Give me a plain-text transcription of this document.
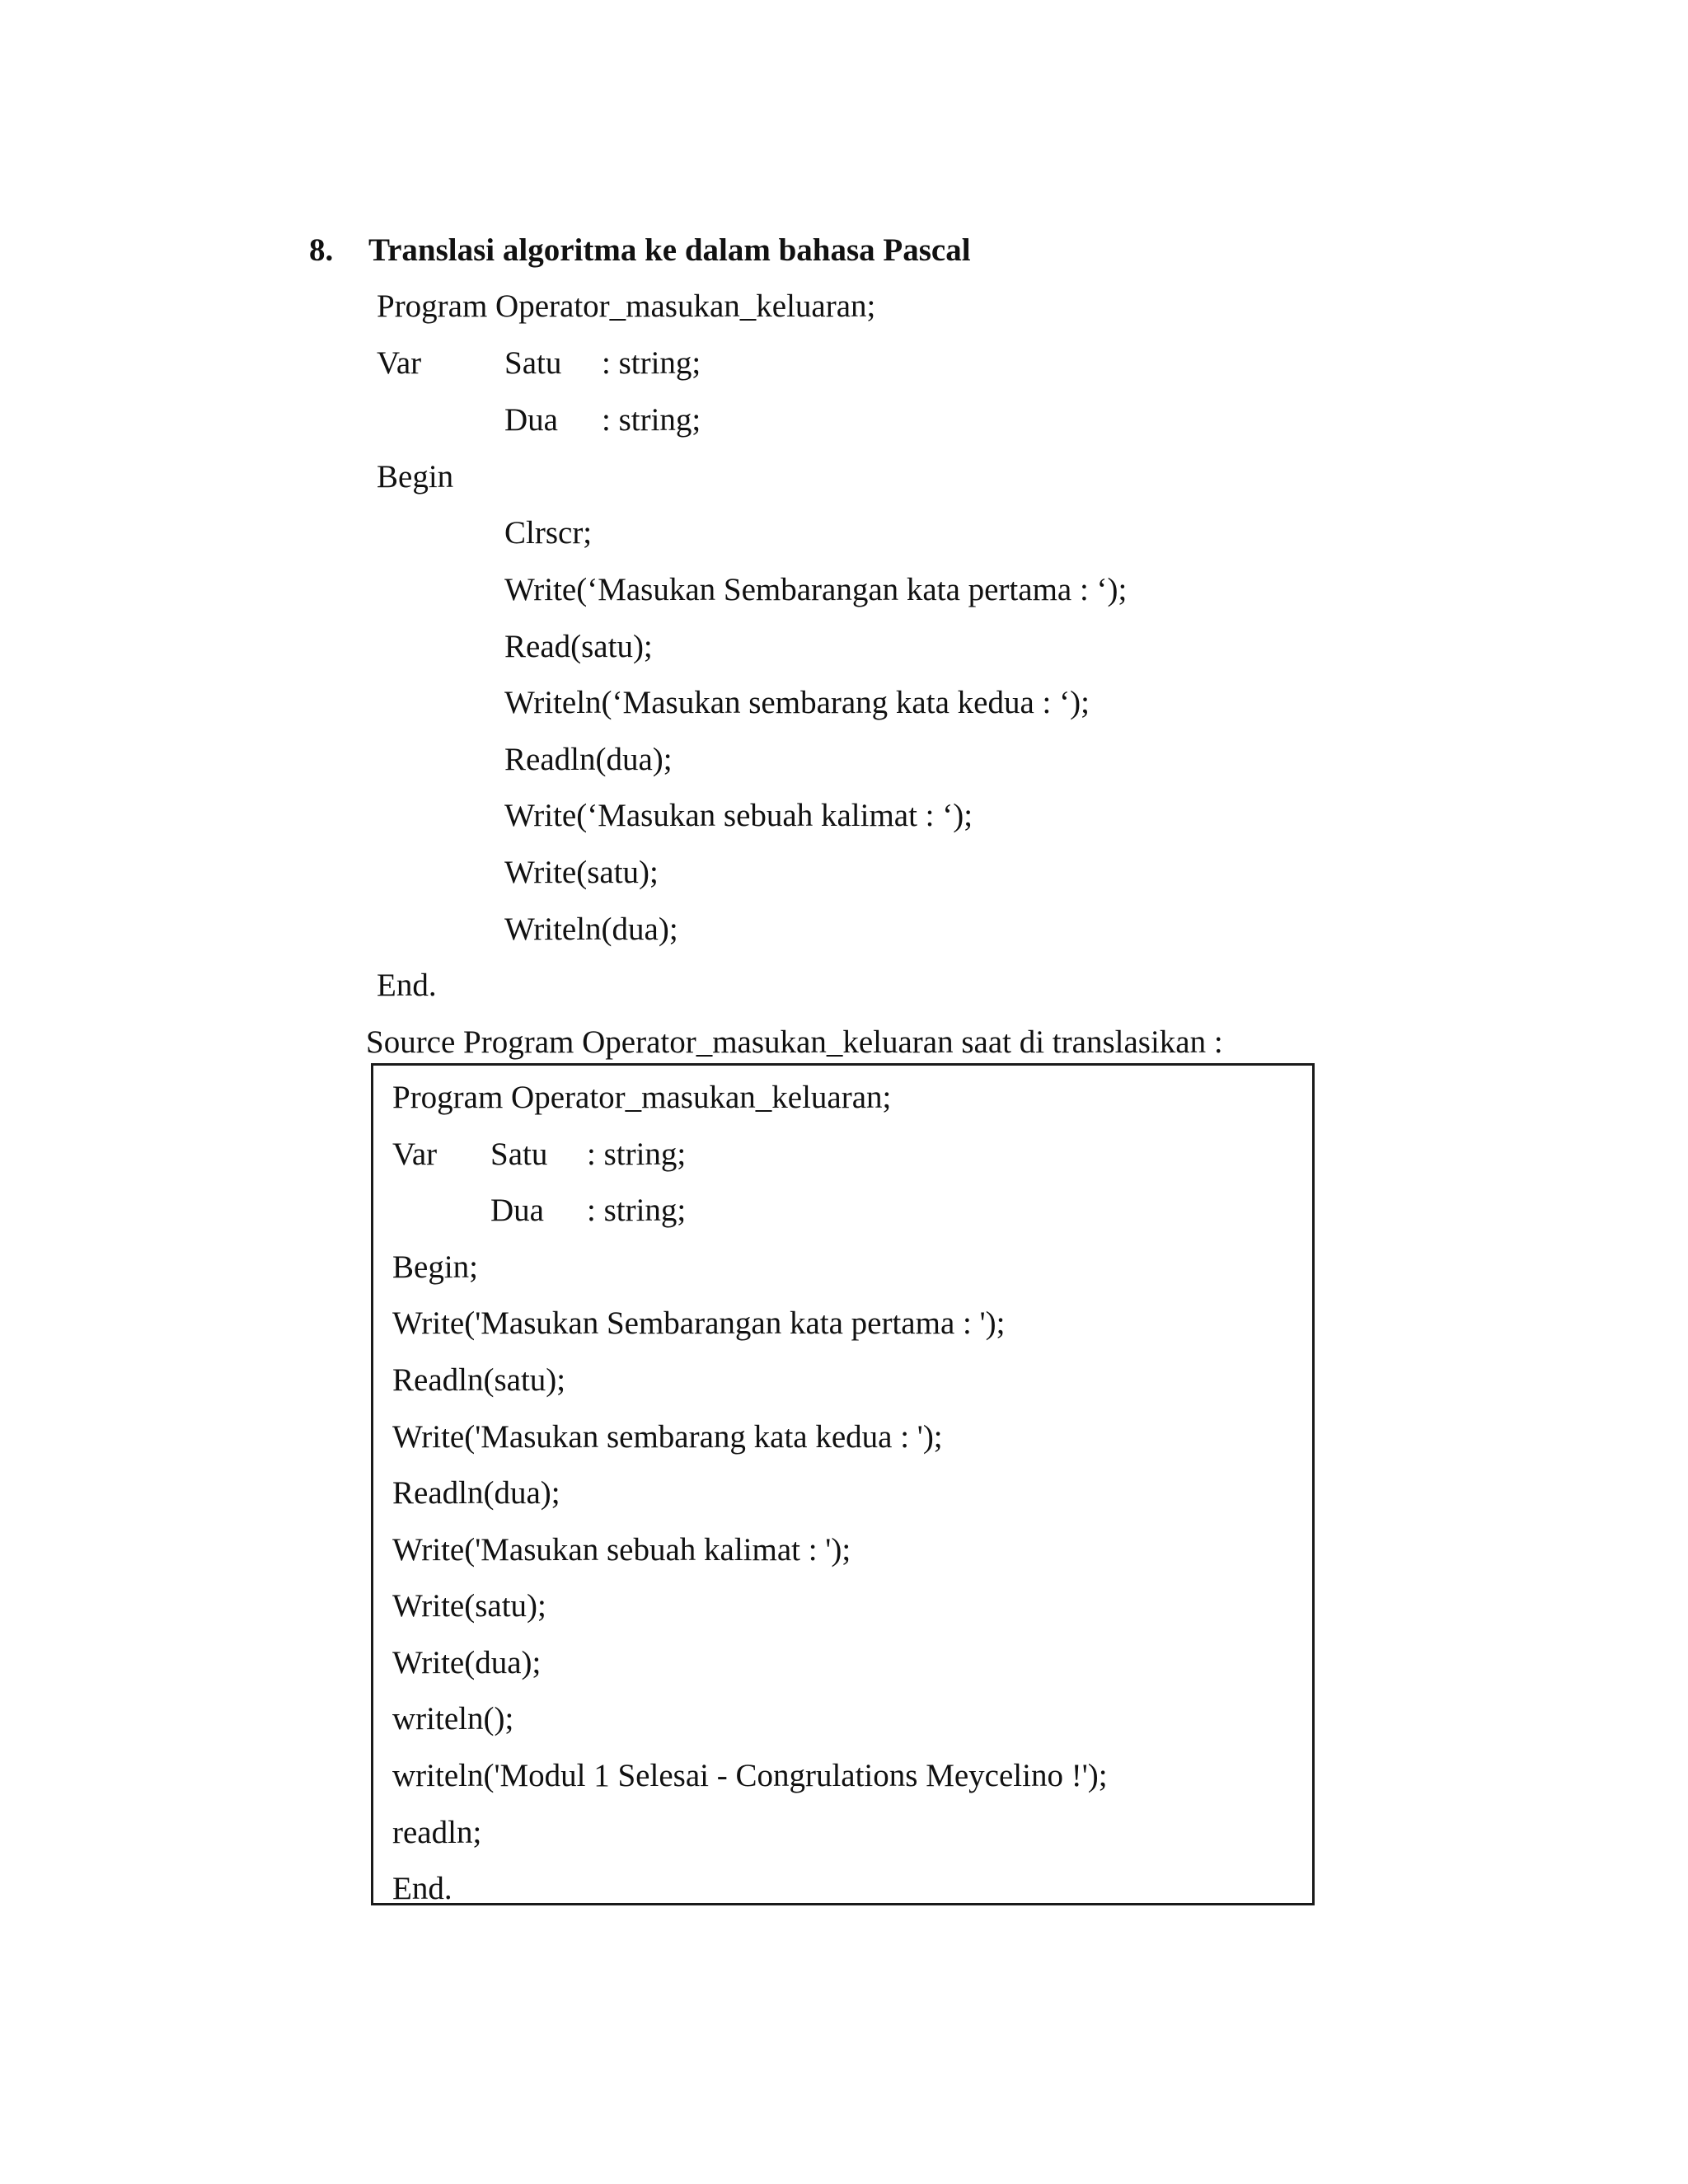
8. Translasi algoritma ke dalam bahasa Pascal
Program Operator_masukan_keluaran;
Var	Satu : string;
Dua : string;
Begin
Clrscr;
Write(‘Masukan Sembarangan kata pertama : ‘);
Read(satu);
Writeln(‘Masukan sembarang kata kedua : ‘);
Readln(dua);
Write(‘Masukan sebuah kalimat : ‘);
Write(satu);
Writeln(dua);
End.
Source Program Operator_masukan_keluaran saat di translasikan :
Program Operator_masukan_keluaran;
Var Satu : string;
Dua : string;
Begin;
Write('Masukan Sembarangan kata pertama : ');
Readln(satu);
Write('Masukan sembarang kata kedua : ');
Readln(dua);
Write('Masukan sebuah kalimat : ');
Write(satu);
Write(dua);
writeln();
writeln('Modul 1 Selesai - Congrulations Meycelino !');
readln;
End.
